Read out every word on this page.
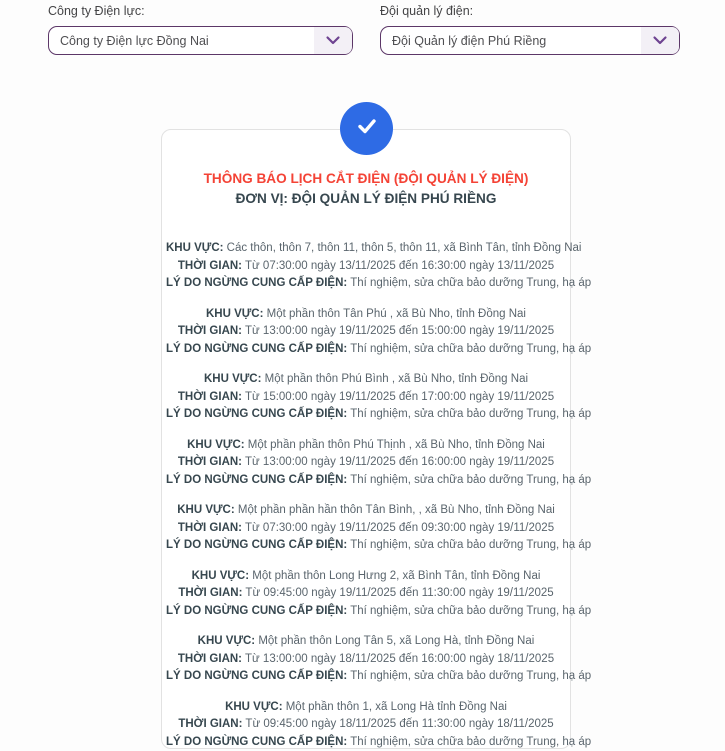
Công ty Điện lực:
Công ty Điện lực Đồng Nai
Đội quản lý điện:
Đội Quản lý điện Phú Riềng
THÔNG BÁO LỊCH CẮT ĐIỆN (ĐỘI QUẢN LÝ ĐIỆN)
ĐƠN VỊ: ĐỘI QUẢN LÝ ĐIỆN PHÚ RIỀNG

KHU VỰC: Các thôn, thôn 7, thôn 11, thôn 5, thôn 11, xã Bình Tân, tỉnh Đồng Nai

THỜI GIAN: Từ 07:30:00 ngày 13/11/2025 đến 16:30:00 ngày 13/11/2025

LÝ DO NGỪNG CUNG CẤP ĐIỆN: Thí nghiệm, sửa chữa bảo dưỡng Trung, hạ áp

KHU VỰC: Một phần thôn Tân Phú , xã Bù Nho, tỉnh Đồng Nai

THỜI GIAN: Từ 13:00:00 ngày 19/11/2025 đến 15:00:00 ngày 19/11/2025

LÝ DO NGỪNG CUNG CẤP ĐIỆN: Thí nghiệm, sửa chữa bảo dưỡng Trung, hạ áp

KHU VỰC: Một phần thôn Phú Bình , xã Bù Nho, tỉnh Đồng Nai

THỜI GIAN: Từ 15:00:00 ngày 19/11/2025 đến 17:00:00 ngày 19/11/2025

LÝ DO NGỪNG CUNG CẤP ĐIỆN: Thí nghiệm, sửa chữa bảo dưỡng Trung, hạ áp

KHU VỰC: Một phần phần thôn Phú Thịnh , xã Bù Nho, tỉnh Đồng Nai

THỜI GIAN: Từ 13:00:00 ngày 19/11/2025 đến 16:00:00 ngày 19/11/2025

LÝ DO NGỪNG CUNG CẤP ĐIỆN: Thí nghiệm, sửa chữa bảo dưỡng Trung, hạ áp

KHU VỰC: Một phần phần hần thôn Tân Bình, , xã Bù Nho, tỉnh Đồng Nai

THỜI GIAN: Từ 07:30:00 ngày 19/11/2025 đến 09:30:00 ngày 19/11/2025

LÝ DO NGỪNG CUNG CẤP ĐIỆN: Thí nghiệm, sửa chữa bảo dưỡng Trung, hạ áp

KHU VỰC: Một phần thôn Long Hưng 2, xã Bình Tân, tỉnh Đồng Nai

THỜI GIAN: Từ 09:45:00 ngày 19/11/2025 đến 11:30:00 ngày 19/11/2025

LÝ DO NGỪNG CUNG CẤP ĐIỆN: Thí nghiệm, sửa chữa bảo dưỡng Trung, hạ áp

KHU VỰC: Một phần thôn Long Tân 5, xã Long Hà, tỉnh Đồng Nai

THỜI GIAN: Từ 13:00:00 ngày 18/11/2025 đến 16:00:00 ngày 18/11/2025

LÝ DO NGỪNG CUNG CẤP ĐIỆN: Thí nghiệm, sửa chữa bảo dưỡng Trung, hạ áp

KHU VỰC: Một phần thôn 1, xã Long Hà tỉnh Đồng Nai

THỜI GIAN: Từ 09:45:00 ngày 18/11/2025 đến 11:30:00 ngày 18/11/2025

LÝ DO NGỪNG CUNG CẤP ĐIỆN: Thí nghiệm, sửa chữa bảo dưỡng Trung, hạ áp
